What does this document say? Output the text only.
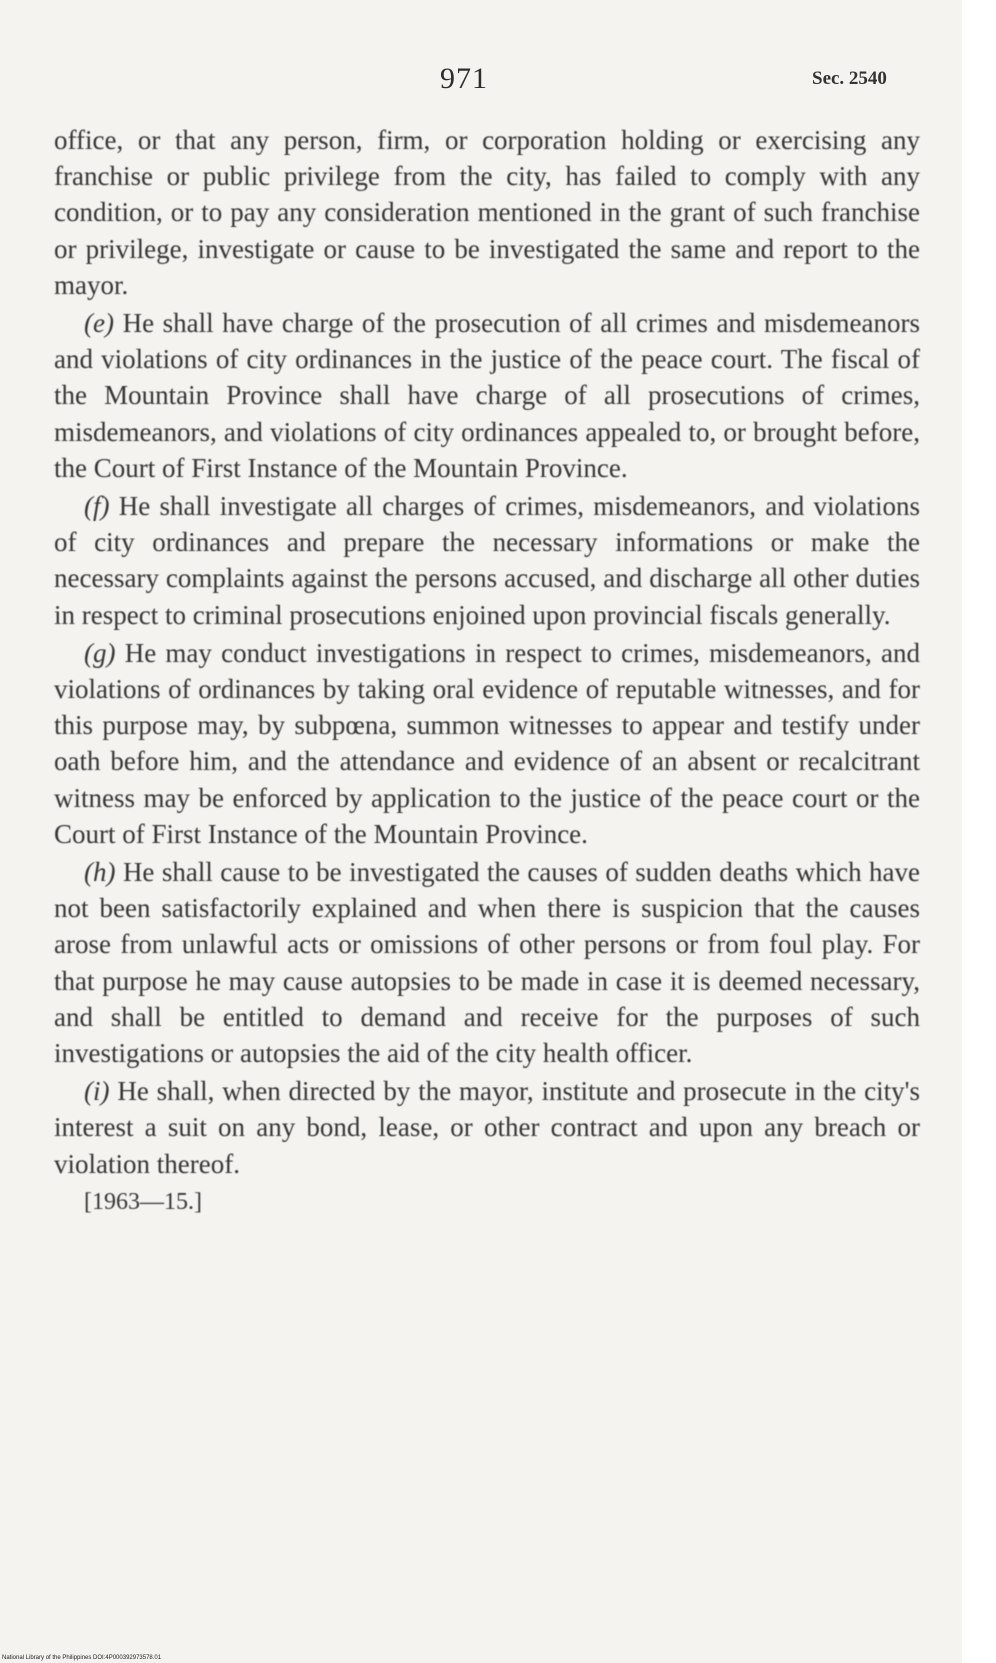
971	Sec. 2540

office, or that any person, firm, or corporation holding or exercising any franchise or public privilege from the city, has failed to comply with any condition, or to pay any consideration mentioned in the grant of such franchise or privilege, investigate or cause to be investigated the same and report to the mayor.

(e) He shall have charge of the prosecution of all crimes and misdemeanors and violations of city ordinances in the justice of the peace court. The fiscal of the Mountain Province shall have charge of all prosecutions of crimes, misdemeanors, and violations of city ordinances appealed to, or brought before, the Court of First Instance of the Mountain Province.

(f) He shall investigate all charges of crimes, misdemeanors, and violations of city ordinances and prepare the necessary informations or make the necessary complaints against the persons accused, and discharge all other duties in respect to criminal prosecutions enjoined upon provincial fiscals generally.

(g) He may conduct investigations in respect to crimes, misdemeanors, and violations of ordinances by taking oral evidence of reputable witnesses, and for this purpose may, by subpœna, summon witnesses to appear and testify under oath before him, and the attendance and evidence of an absent or recalcitrant witness may be enforced by application to the justice of the peace court or the Court of First Instance of the Mountain Province.

(h) He shall cause to be investigated the causes of sudden deaths which have not been satisfactorily explained and when there is suspicion that the causes arose from unlawful acts or omissions of other persons or from foul play. For that purpose he may cause autopsies to be made in case it is deemed necessary, and shall be entitled to demand and receive for the purposes of such investigations or autopsies the aid of the city health officer.

(i) He shall, when directed by the mayor, institute and prosecute in the city's interest a suit on any bond, lease, or other contract and upon any breach or violation thereof.

[1963—15.]

National Library of the Philippines DOI:4P000392973578.01
